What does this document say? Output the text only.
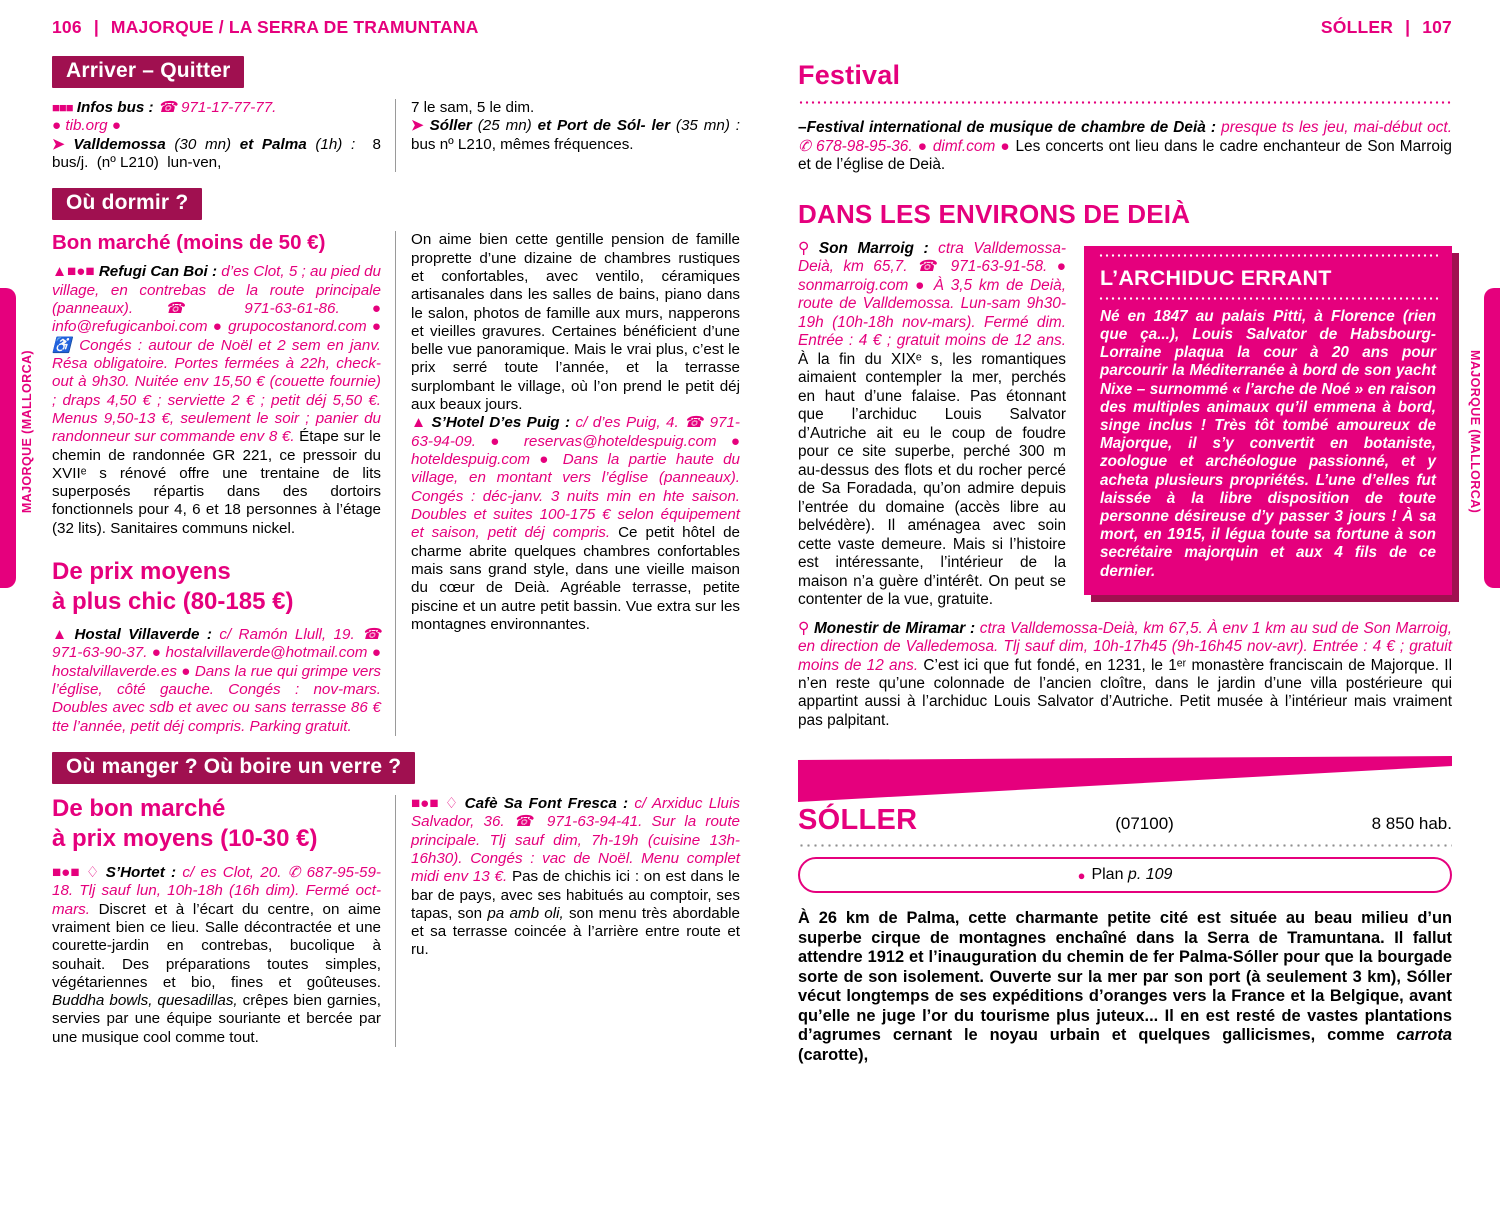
MAJORQUE (MALLORCA)
106 | MAJORQUE / LA SERRA DE TRAMUNTANA
Arriver – Quitter

■■■ Infos bus : ☎ 971-17-77-77.
● tib.org ●

➤ Valldemossa (30 mn) et Palma (1h) :  8 bus/j.  (nº L210)  lun-ven,

7 le sam, 5 le dim.

➤ Sóller (25 mn) et Port de Sól- ler (35 mn) : bus nº L210, mêmes fréquences.

Où dormir ?
Bon marché (moins de 50 €)

▲■●■ Refugi Can Boi : d’es Clot, 5 ; au pied du village, en contrebas de la route principale (panneaux). ☎ 971-63-61-86. ● info@refugicanboi.com ● grupocostanord.com ● ♿ Congés : autour de Noël et 2 sem en janv. Résa obligatoire. Portes fermées à 22h, check-out à 9h30. Nuitée env 15,50 € (couette fournie) ; draps 4,50 € ; serviette 2 € ; petit déj 5,50 €. Menus 9,50-13 €, seulement le soir ; panier du randonneur sur commande env 8 €. Étape sur le chemin de randonnée GR 221, ce pressoir du XVIIᵉ s rénové offre une trentaine de lits superposés répartis dans des dortoirs fonctionnels pour 4, 6 et 18 personnes à l’étage (32 lits). Sanitaires communs nickel.

De prix moyens
à plus chic (80-185 €)

▲ Hostal Villaverde : c/ Ramón Llull, 19. ☎ 971-63-90-37. ● hostalvillaverde@hotmail.com ● hostalvillaverde.es ● Dans la rue qui grimpe vers l’église, côté gauche. Congés : nov-mars. Doubles avec sdb et avec ou sans terrasse 86 € tte l’année, petit déj compris. Parking gratuit.

On aime bien cette gentille pension de famille proprette d’une dizaine de chambres rustiques et confortables, avec ventilo, céramiques artisanales dans les salles de bains, piano dans le salon, photos de famille aux murs, napperons et vieilles gravures. Certaines bénéficient d’une belle vue panoramique. Mais le vrai plus, c’est le prix serré toute l’année, et la terrasse surplombant le village, où l’on prend le petit déj aux beaux jours.

▲ S’Hotel D’es Puig : c/ d’es Puig, 4. ☎ 971-63-94-09. ● reservas@hoteldespuig.com ● hoteldespuig.com ● Dans la partie haute du village, en montant vers l’église (panneaux). Congés : déc-janv. 3 nuits min en hte saison. Doubles et suites 100-175 € selon équipement et saison, petit déj compris. Ce petit hôtel de charme abrite quelques chambres confortables mais sans grand style, dans une vieille maison du cœur de Deià. Agréable terrasse, petite piscine et un autre petit bassin. Vue extra sur les montagnes environnantes.

Où manger ? Où boire un verre ?
De bon marché
à prix moyens (10-30 €)

■●■ ♢ S’Hortet : c/ es Clot, 20. ✆ 687-95-59-18. Tlj sauf lun, 10h-18h (16h dim). Fermé oct-mars. Discret et à l’écart du centre, on aime vraiment bien ce lieu. Salle décontractée et une courette-jardin en contrebas, bucolique à souhait. Des préparations toutes simples, végétariennes et bio, fines et goûteuses. Buddha bowls, quesadillas, crêpes bien garnies, servies par une équipe souriante et bercée par une musique cool comme tout.

■●■ ♢ Cafè Sa Font Fresca : c/ Arxiduc Lluis Salvador, 36. ☎ 971-63-94-41. Sur la route principale. Tlj sauf dim, 7h-19h (cuisine 13h-16h30). Congés : vac de Noël. Menu complet midi env 13 €. Pas de chichis ici : on est dans le bar de pays, avec ses habitués au comptoir, ses tapas, son pa amb oli, son menu très abordable et sa terrasse coincée à l’arrière entre route et ru.

MAJORQUE (MALLORCA)
SÓLLER | 107
Festival

–Festival international de musique de chambre de Deià : presque ts les jeu, mai-début oct. ✆ 678-98-95-36. ● dimf.com ● Les concerts ont lieu dans le cadre enchanteur de Son Marroig et de l’église de Deià.

DANS LES ENVIRONS DE DEIÀ
L’ARCHIDUC ERRANT

Né en 1847 au palais Pitti, à Florence (rien que ça...), Louis Salvator de Habsbourg-Lorraine plaqua la cour à 20 ans pour parcourir la Méditerranée à bord de son yacht Nixe – surnommé « l’arche de Noé » en raison des multiples animaux qu’il emmena à bord, singe inclus ! Très tôt tombé amoureux de Majorque, il s’y convertit en botaniste, zoologue et archéologue passionné, et y acheta plusieurs propriétés. L’une d’elles fut laissée à la libre disposition de toute personne désireuse d’y passer 3 jours ! À sa mort, en 1915, il légua toute sa fortune à son secrétaire majorquin et aux 4 fils de ce dernier.

⚲ Son Marroig : ctra Valldemossa-Deià, km 65,7. ☎ 971-63-91-58. ● sonmarroig.com ● À 3,5 km de Deià, route de Valldemossa. Lun-sam 9h30-19h (10h-18h nov-mars). Fermé dim. Entrée : 4 € ; gratuit moins de 12 ans. À la fin du XIXᵉ s, les romantiques aimaient contempler la mer, perchés en haut d’une falaise. Pas étonnant que l’archiduc Louis Salvator d’Autriche ait eu le coup de foudre pour ce site superbe, perché 300 m au-dessus des flots et du rocher percé de Sa Foradada, qu’on admire depuis l’entrée du domaine (accès libre au belvédère). Il aménagea avec soin cette vaste demeure. Mais si l’histoire est intéressante, l’intérieur de la maison n’a guère d’intérêt. On peut se contenter de la vue, gratuite.

⚲ Monestir de Miramar : ctra Valldemossa-Deià, km 67,5. À env 1 km au sud de Son Marroig, en direction de Valledemosa. Tlj sauf dim, 10h-17h45 (9h-16h45 nov-avr). Entrée : 4 € ; gratuit moins de 12 ans. C’est ici que fut fondé, en 1231, le 1ᵉʳ monastère franciscain de Majorque. Il n’en reste qu’une colonnade de l’ancien cloître, dans le jardin d’une villa postérieure qui appartint aussi à l’archiduc Louis Salvator d’Autriche. Petit musée à l’intérieur mais vraiment pas palpitant.

SÓLLER	(07100)	8 850 hab.
● Plan
p. 109

À 26 km de Palma, cette charmante petite cité est située au beau milieu d’un superbe cirque de montagnes enchaîné dans la Serra de Tramuntana. Il fallut attendre 1912 et l’inauguration du chemin de fer Palma-Sóller pour que la bourgade sorte de son isolement. Ouverte sur la mer par son port (à seulement 3 km), Sóller vécut longtemps de ses expéditions d’oranges vers la France et la Belgique, avant qu’elle ne juge l’or du tourisme plus juteux... Il en est resté de vastes plantations d’agrumes cernant le noyau urbain et quelques gallicismes, comme carrota (carotte),
